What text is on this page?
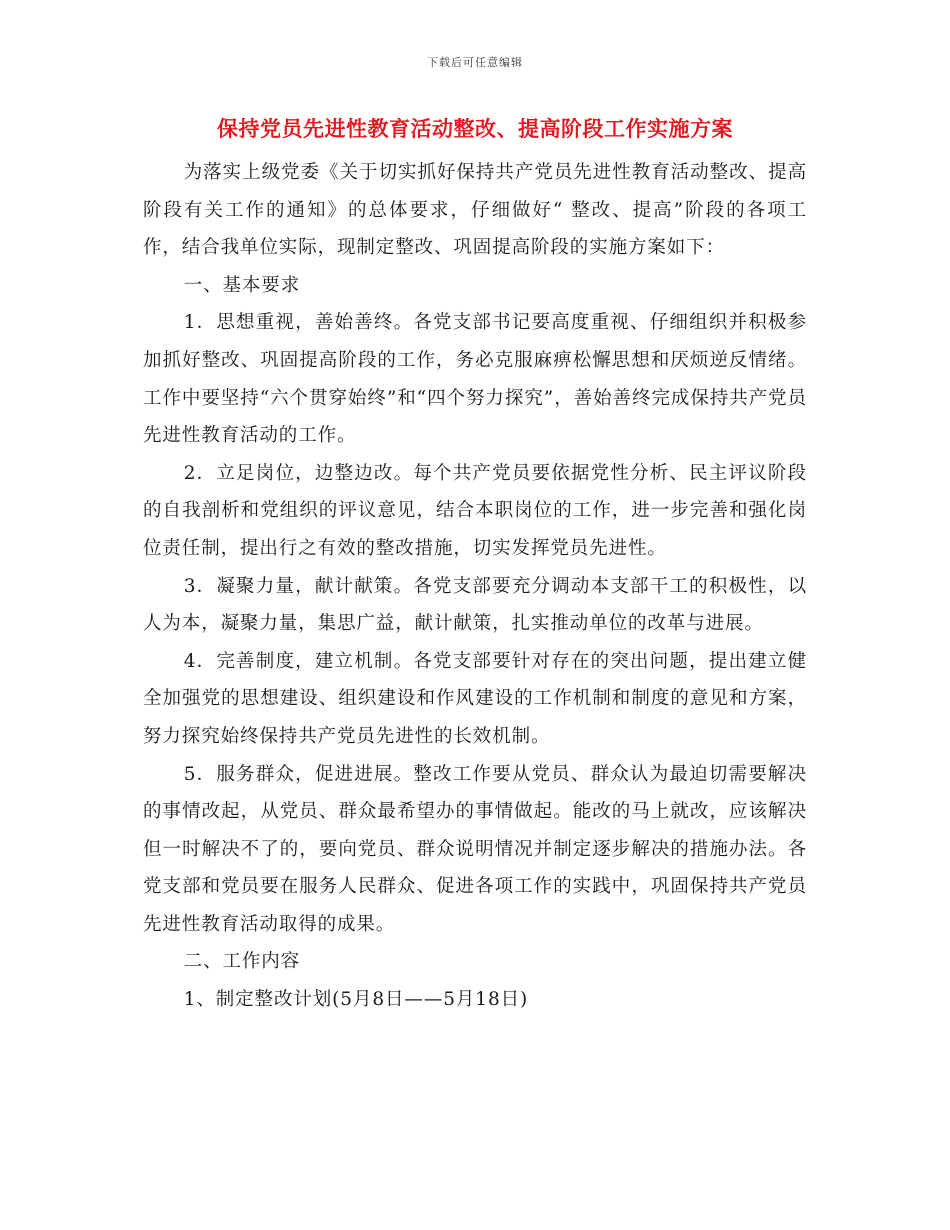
下载后可任意编辑
保持党员先进性教育活动整改、提高阶段工作实施方案

为落实上级党委《关于切实抓好保持共产党员先进性教育活动整改、提高阶段有关工作的通知》的总体要求，仔细做好“ 整改、提高”阶段的各项工作，结合我单位实际，现制定整改、巩固提高阶段的实施方案如下：

一、基本要求

1．思想重视，善始善终。各党支部书记要高度重视、仔细组织并积极参加抓好整改、巩固提高阶段的工作，务必克服麻痹松懈思想和厌烦逆反情绪。工作中要坚持“六个贯穿始终”和“四个努力探究”，善始善终完成保持共产党员先进性教育活动的工作。

2．立足岗位，边整边改。每个共产党员要依据党性分析、民主评议阶段的自我剖析和党组织的评议意见，结合本职岗位的工作，进一步完善和强化岗位责任制，提出行之有效的整改措施，切实发挥党员先进性。

3．凝聚力量，献计献策。各党支部要充分调动本支部干工的积极性，以人为本，凝聚力量，集思广益，献计献策，扎实推动单位的改革与进展。

4．完善制度，建立机制。各党支部要针对存在的突出问题，提出建立健全加强党的思想建设、组织建设和作风建设的工作机制和制度的意见和方案，努力探究始终保持共产党员先进性的长效机制。

5．服务群众，促进进展。整改工作要从党员、群众认为最迫切需要解决的事情改起，从党员、群众最希望办的事情做起。能改的马上就改，应该解决但一时解决不了的，要向党员、群众说明情况并制定逐步解决的措施办法。各党支部和党员要在服务人民群众、促进各项工作的实践中，巩固保持共产党员先进性教育活动取得的成果。

二、工作内容

1、制定整改计划(5月8日——5月18日)
